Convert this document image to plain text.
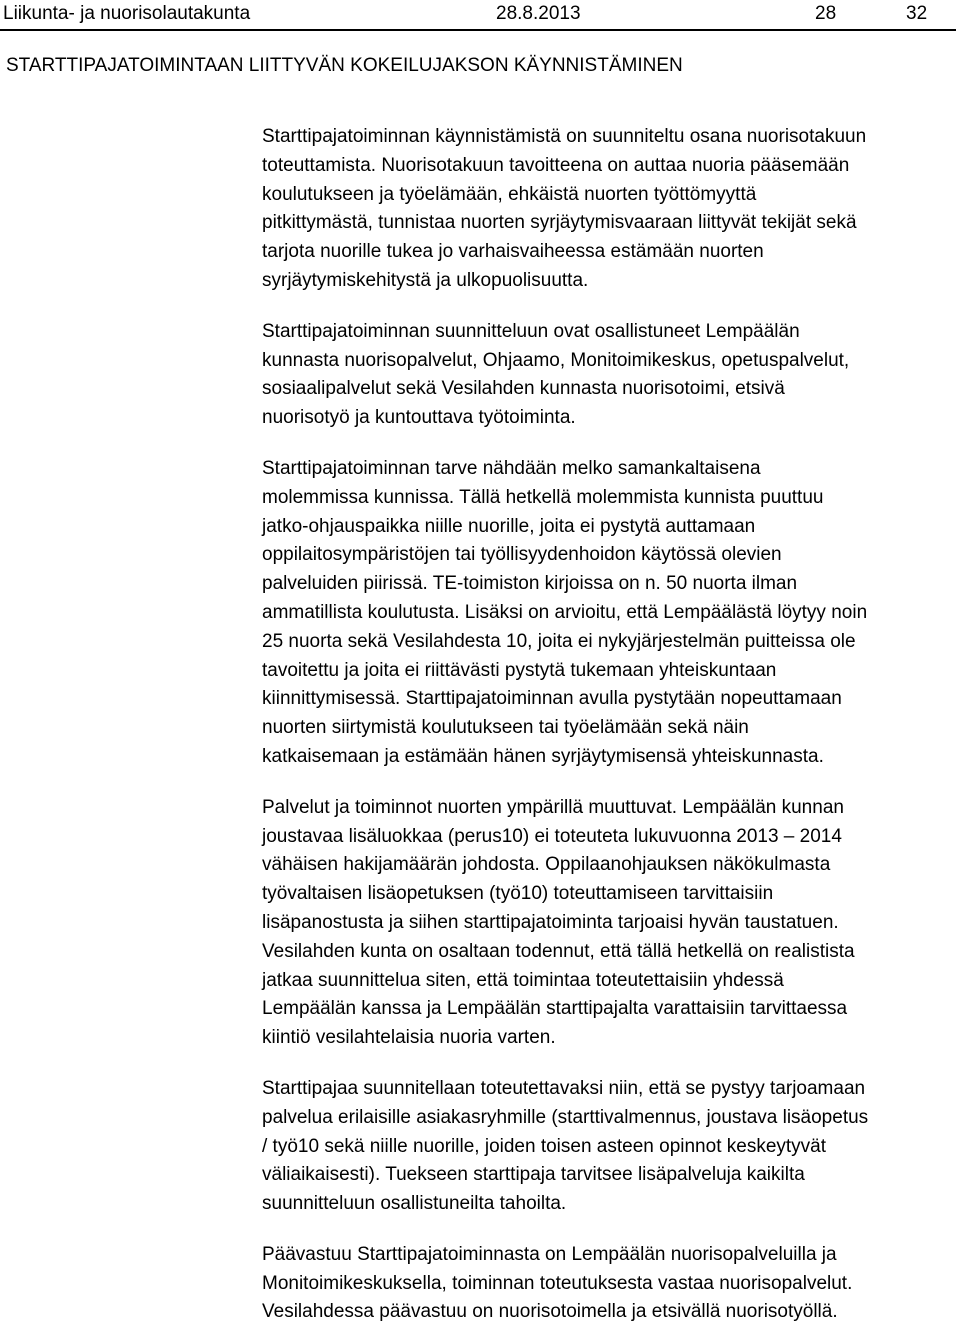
Liikunta- ja nuorisolautakunta	28.8.2013	28	32
STARTTIPAJATOIMINTAAN LIITTYVÄN KOKEILUJAKSON KÄYNNISTÄMINEN

Starttipajatoiminnan käynnistämistä on suunniteltu osana nuorisotakuun
toteuttamista. Nuorisotakuun tavoitteena on auttaa nuoria pääsemään
koulutukseen ja työelämään, ehkäistä nuorten työttömyyttä
pitkittymästä, tunnistaa nuorten syrjäytymisvaaraan liittyvät tekijät sekä
tarjota nuorille tukea jo varhaisvaiheessa estämään nuorten
syrjäytymiskehitystä ja ulkopuolisuutta.

Starttipajatoiminnan suunnitteluun ovat osallistuneet Lempäälän
kunnasta nuorisopalvelut, Ohjaamo, Monitoimikeskus, opetuspalvelut,
sosiaalipalvelut sekä Vesilahden kunnasta nuorisotoimi, etsivä
nuorisotyö ja kuntouttava työtoiminta.

Starttipajatoiminnan tarve nähdään melko samankaltaisena
molemmissa kunnissa. Tällä hetkellä molemmista kunnista puuttuu
jatko-ohjauspaikka niille nuorille, joita ei pystytä auttamaan
oppilaitosympäristöjen tai työllisyydenhoidon käytössä olevien
palveluiden piirissä. TE-toimiston kirjoissa on n. 50 nuorta ilman
ammatillista koulutusta. Lisäksi on arvioitu, että Lempäälästä löytyy noin
25 nuorta sekä Vesilahdesta 10, joita ei nykyjärjestelmän puitteissa ole
tavoitettu ja joita ei riittävästi pystytä tukemaan yhteiskuntaan
kiinnittymisessä. Starttipajatoiminnan avulla pystytään nopeuttamaan
nuorten siirtymistä koulutukseen tai työelämään sekä näin
katkaisemaan ja estämään hänen syrjäytymisensä yhteiskunnasta.

Palvelut ja toiminnot nuorten ympärillä muuttuvat. Lempäälän kunnan
joustavaa lisäluokkaa (perus10) ei toteuteta lukuvuonna 2013 – 2014
vähäisen hakijamäärän johdosta. Oppilaanohjauksen näkökulmasta
työvaltaisen lisäopetuksen (työ10) toteuttamiseen tarvittaisiin
lisäpanostusta ja siihen starttipajatoiminta tarjoaisi hyvän taustatuen.
Vesilahden kunta on osaltaan todennut, että tällä hetkellä on realistista
jatkaa suunnittelua siten, että toimintaa toteutettaisiin yhdessä
Lempäälän kanssa ja Lempäälän starttipajalta varattaisiin tarvittaessa
kiintiö vesilahtelaisia nuoria varten.

Starttipajaa suunnitellaan toteutettavaksi niin, että se pystyy tarjoamaan
palvelua erilaisille asiakasryhmille (starttivalmennus, joustava lisäopetus
/ työ10 sekä niille nuorille, joiden toisen asteen opinnot keskeytyvät
väliaikaisesti). Tuekseen starttipaja tarvitsee lisäpalveluja kaikilta
suunnitteluun osallistuneilta tahoilta.

Päävastuu Starttipajatoiminnasta on Lempäälän nuorisopalveluilla ja
Monitoimikeskuksella, toiminnan toteutuksesta vastaa nuorisopalvelut.
Vesilahdessa päävastuu on nuorisotoimella ja etsivällä nuorisotyöllä.
